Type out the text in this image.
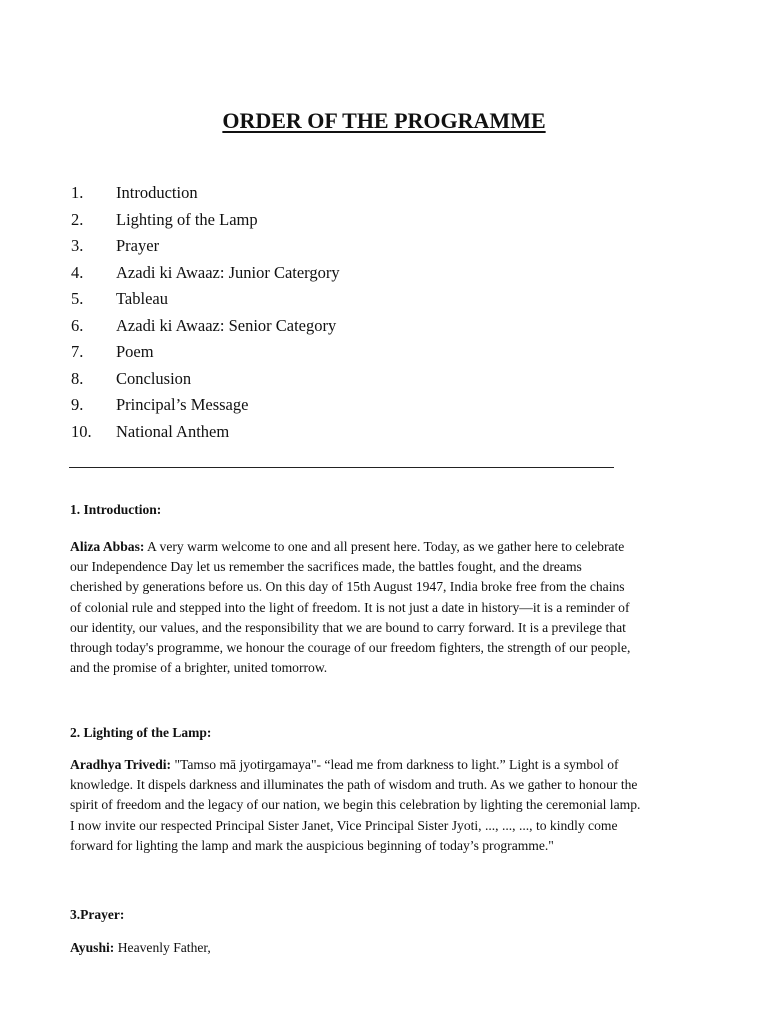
ORDER OF THE PROGRAMME
1.	Introduction
2.	Lighting of the Lamp
3.	Prayer
4.	Azadi ki Awaaz: Junior Catergory
5.	Tableau
6.	Azadi ki Awaaz: Senior Category
7.	Poem
8.	Conclusion
9.	Principal’s Message
10.	National Anthem
1. Introduction:
Aliza Abbas: A very warm welcome to one and all present here. Today, as we gather here to celebrate
our Independence Day let us remember the sacrifices made, the battles fought, and the dreams
cherished by generations before us. On this day of 15th August 1947, India broke free from the chains
of colonial rule and stepped into the light of freedom. It is not just a date in history—it is a reminder of
our identity, our values, and the responsibility that we are bound to carry forward. It is a previlege that
through today's programme, we honour the courage of our freedom fighters, the strength of our people,
and the promise of a brighter, united tomorrow.
2. Lighting of the Lamp:
Aradhya Trivedi: "Tamso mā jyotirgamaya"- “lead me from darkness to light.” Light is a symbol of
knowledge. It dispels darkness and illuminates the path of wisdom and truth. As we gather to honour the
spirit of freedom and the legacy of our nation, we begin this celebration by lighting the ceremonial lamp.
I now invite our respected Principal Sister Janet, Vice Principal Sister Jyoti, ..., ..., ..., to kindly come
forward for lighting the lamp and mark the auspicious beginning of today’s programme."
3.Prayer:
Ayushi: Heavenly Father,
